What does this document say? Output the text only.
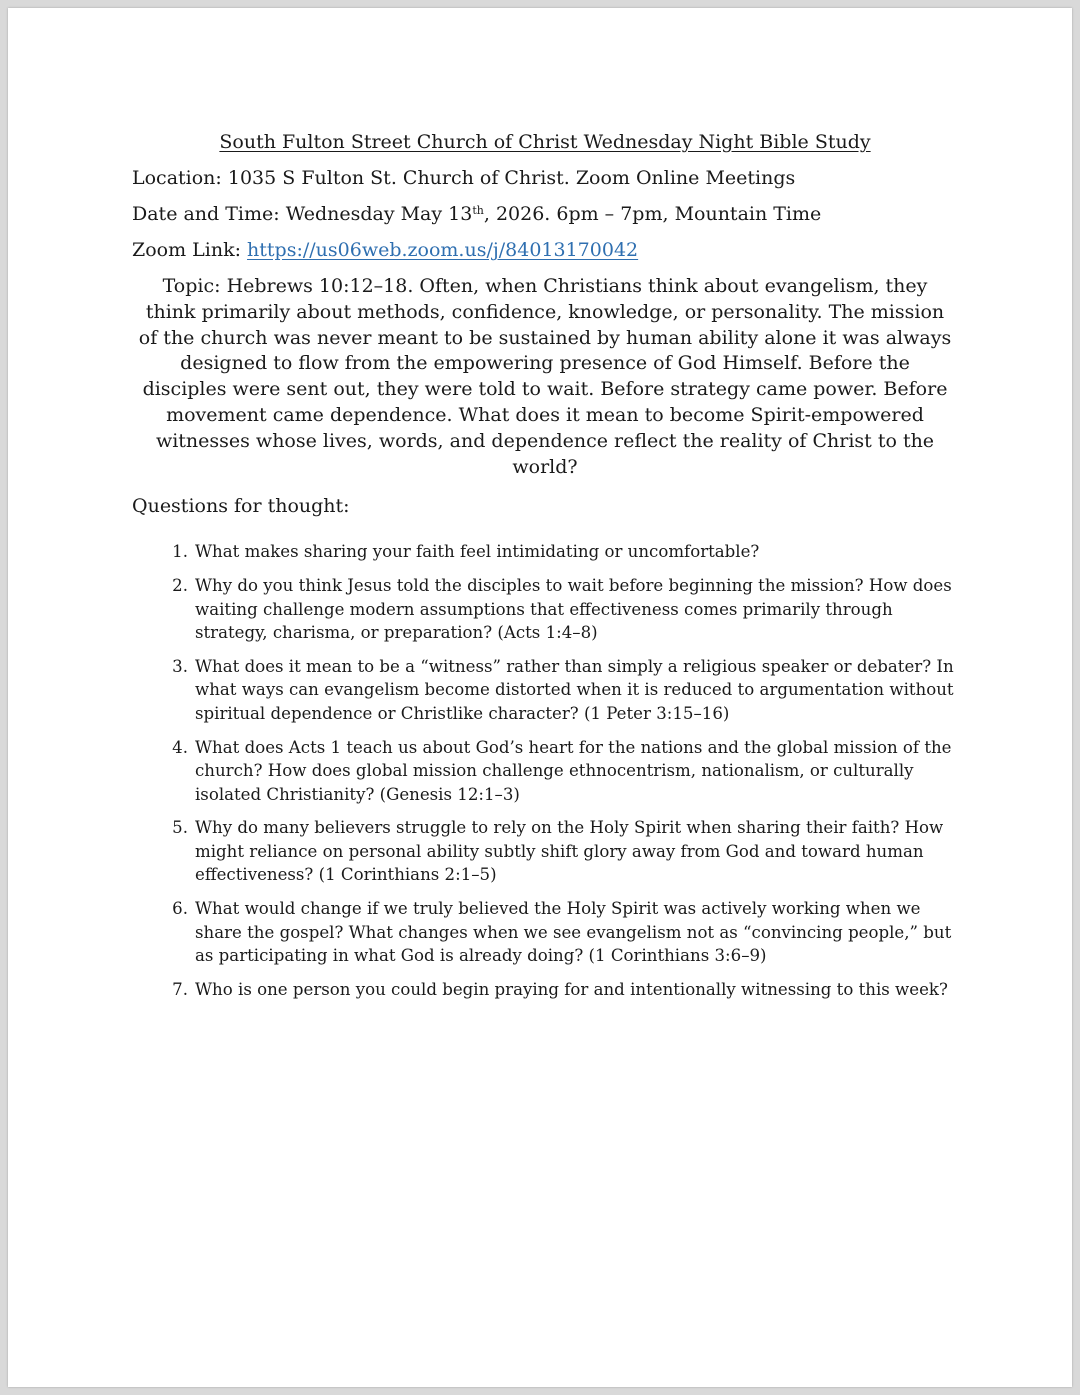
South Fulton Street Church of Christ Wednesday Night Bible Study
Location: 1035 S Fulton St. Church of Christ. Zoom Online Meetings
Date and Time: Wednesday May 13th, 2026. 6pm – 7pm, Mountain Time
Zoom Link: https://us06web.zoom.us/j/84013170042
Topic: Hebrews 10:12–18. Often, when Christians think about evangelism, they think primarily about methods, confidence, knowledge, or personality. The mission of the church was never meant to be sustained by human ability alone it was always designed to flow from the empowering presence of God Himself. Before the disciples were sent out, they were told to wait. Before strategy came power. Before movement came dependence. What does it mean to become Spirit-empowered witnesses whose lives, words, and dependence reflect the reality of Christ to the world?
Questions for thought:
1. What makes sharing your faith feel intimidating or uncomfortable?
2. Why do you think Jesus told the disciples to wait before beginning the mission? How does waiting challenge modern assumptions that effectiveness comes primarily through strategy, charisma, or preparation? (Acts 1:4–8)
3. What does it mean to be a “witness” rather than simply a religious speaker or debater? In what ways can evangelism become distorted when it is reduced to argumentation without spiritual dependence or Christlike character? (1 Peter 3:15–16)
4. What does Acts 1 teach us about God’s heart for the nations and the global mission of the church? How does global mission challenge ethnocentrism, nationalism, or culturally isolated Christianity? (Genesis 12:1–3)
5. Why do many believers struggle to rely on the Holy Spirit when sharing their faith? How might reliance on personal ability subtly shift glory away from God and toward human effectiveness? (1 Corinthians 2:1–5)
6. What would change if we truly believed the Holy Spirit was actively working when we share the gospel? What changes when we see evangelism not as “convincing people,” but as participating in what God is already doing? (1 Corinthians 3:6–9)
7. Who is one person you could begin praying for and intentionally witnessing to this week?
